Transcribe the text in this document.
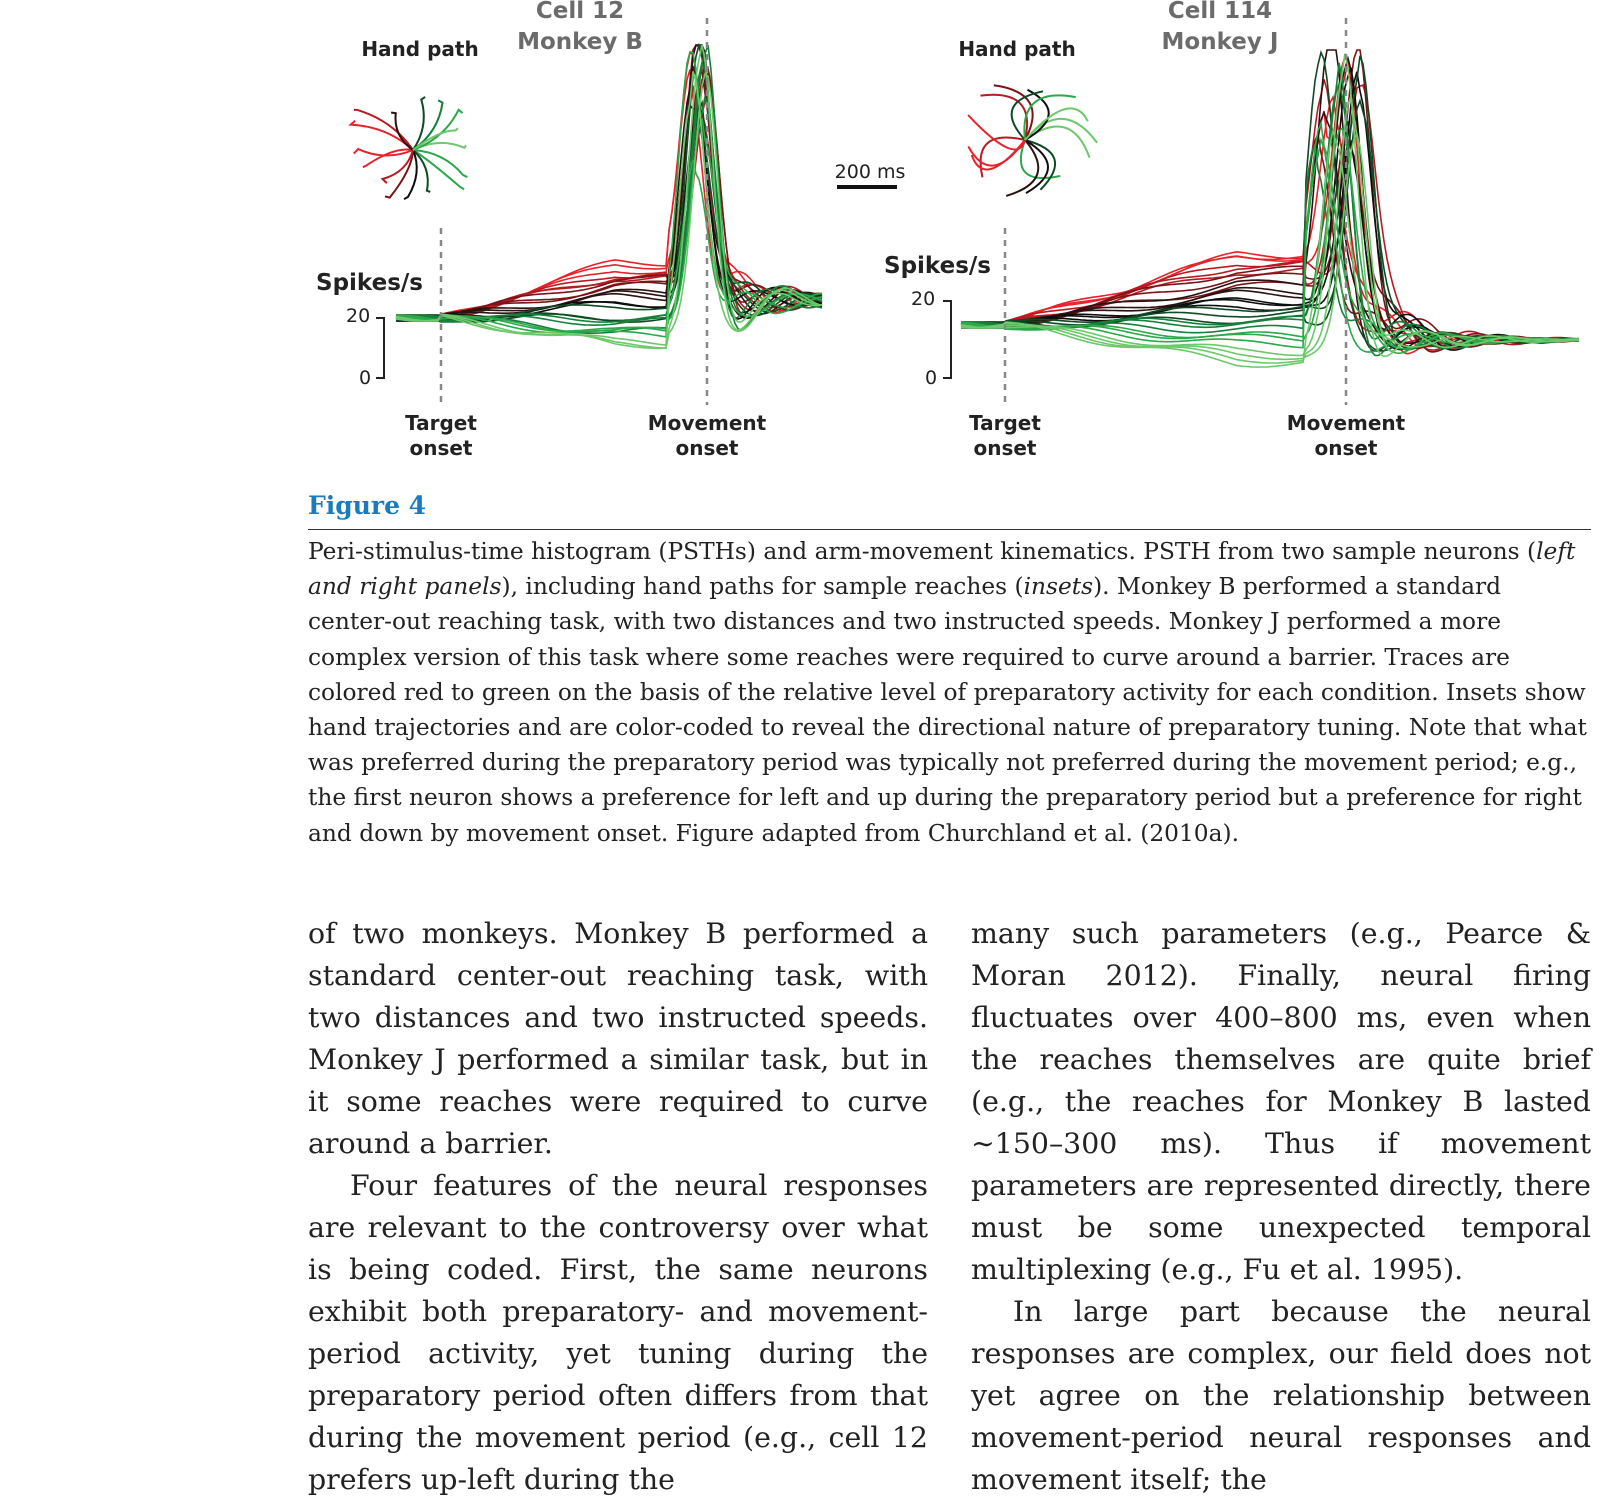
Cell 12
Monkey B
Hand path
Spikes/s
20
0
Target
onset
Movement
onset
Cell 114
Monkey J
Hand path
200 ms
Spikes/s
20
0
Target
onset
Movement
onset
Figure 4
Peri-stimulus-time histogram (PSTHs) and arm-movement kinematics. PSTH from two sample neurons (left and right panels), including hand paths for sample reaches (insets). Monkey B performed a standard center-out reaching task, with two distances and two instructed speeds. Monkey J performed a more complex version of this task where some reaches were required to curve around a barrier. Traces are colored red to green on the basis of the relative level of preparatory activity for each condition. Insets show hand trajectories and are color-coded to reveal the directional nature of preparatory tuning. Note that what was preferred during the preparatory period was typically not preferred during the movement period; e.g., the first neuron shows a preference for left and up during the preparatory period but a preference for right and down by movement onset. Figure adapted from Churchland et al. (2010a).

of two monkeys. Monkey B performed a standard center-out reaching task, with two distances and two instructed speeds. Monkey J performed a similar task, but in it some reaches were required to curve around a barrier.

Four features of the neural responses are relevant to the controversy over what is being coded. First, the same neurons exhibit both preparatory- and movement-period activity, yet tuning during the preparatory period often differs from that during the movement period (e.g., cell 12 prefers up-left during the

many such parameters (e.g., Pearce & Moran 2012). Finally, neural firing fluctuates over 400–800 ms, even when the reaches themselves are quite brief (e.g., the reaches for Monkey B lasted ∼150–300 ms). Thus if movement parameters are represented directly, there must be some unexpected temporal multiplexing (e.g., Fu et al. 1995).

In large part because the neural responses are complex, our field does not yet agree on the relationship between movement-period neural responses and movement itself; the
